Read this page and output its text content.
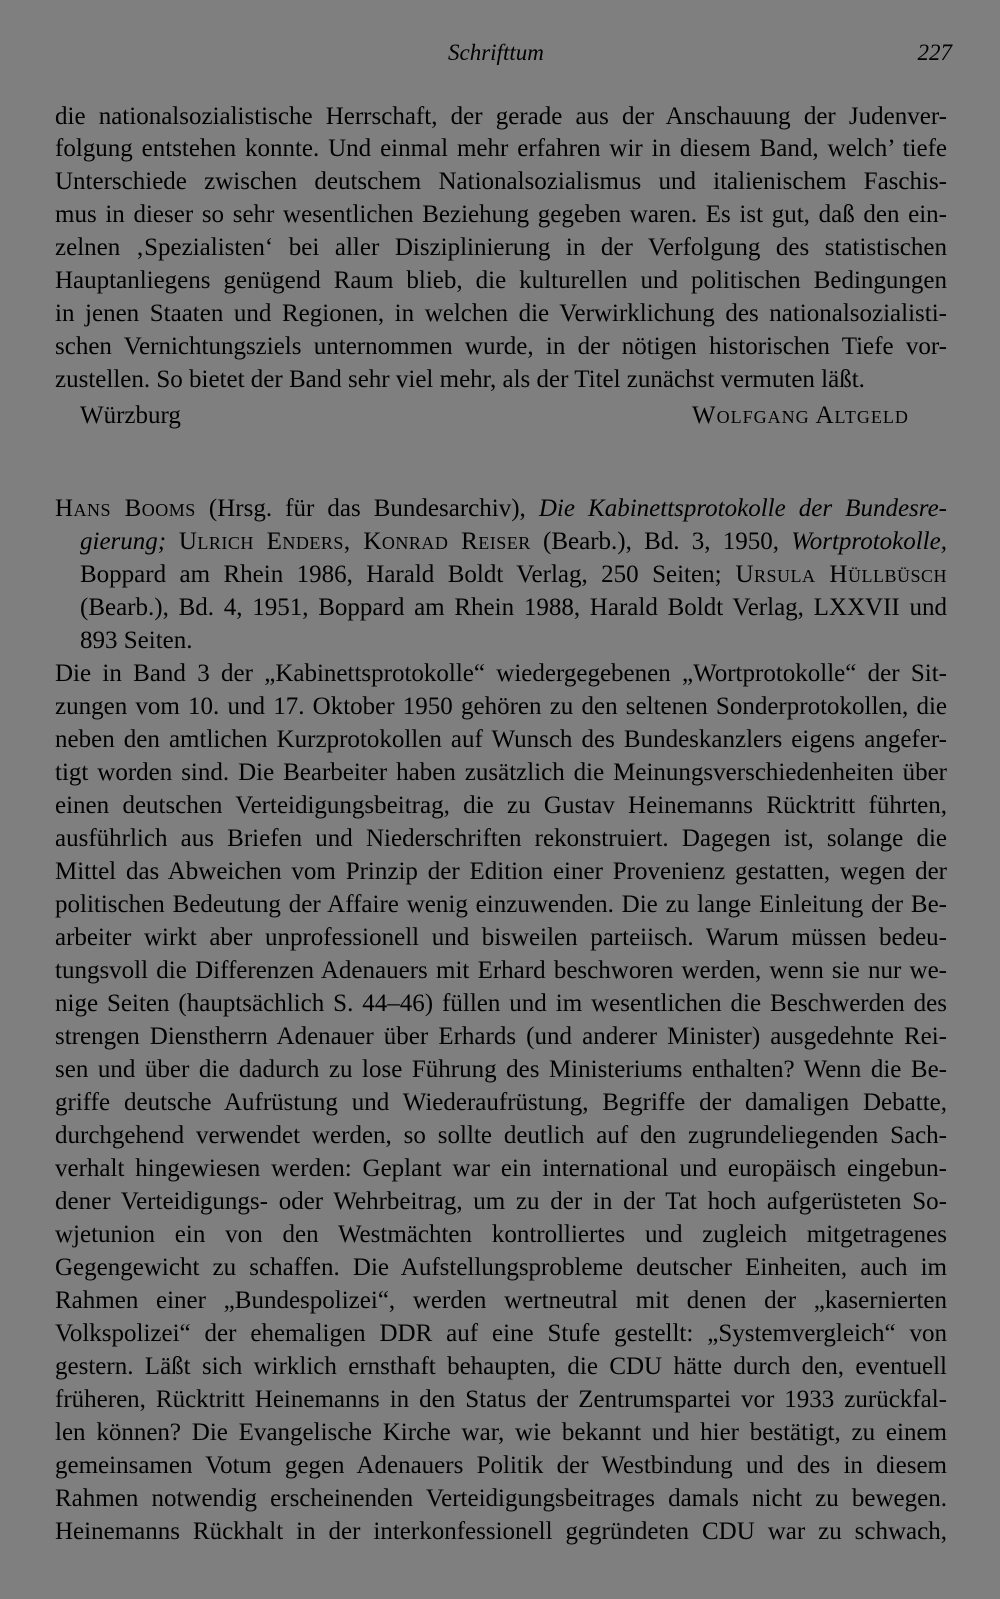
Schrifttum	227
die nationalsozialistische Herrschaft, der gerade aus der Anschauung der Judenver-
folgung entstehen konnte. Und einmal mehr erfahren wir in diesem Band, welch’ tiefe
Unterschiede zwischen deutschem Nationalsozialismus und italienischem Faschis-
mus in dieser so sehr wesentlichen Beziehung gegeben waren. Es ist gut, daß den ein-
zelnen ‚Spezialisten‘ bei aller Disziplinierung in der Verfolgung des statistischen
Hauptanliegens genügend Raum blieb, die kulturellen und politischen Bedingungen
in jenen Staaten und Regionen, in welchen die Verwirklichung des nationalsozialisti-
schen Vernichtungsziels unternommen wurde, in der nötigen historischen Tiefe vor-
zustellen. So bietet der Band sehr viel mehr, als der Titel zunächst vermuten läßt.
Würzburg	Wolfgang Altgeld
Hans Booms (Hrsg. für das Bundesarchiv), Die Kabinettsprotokolle der Bundesre-
gierung; Ulrich Enders, Konrad Reiser (Bearb.), Bd. 3, 1950, Wortprotokolle,
Boppard am Rhein 1986, Harald Boldt Verlag, 250 Seiten; Ursula Hüllbüsch
(Bearb.), Bd. 4, 1951, Boppard am Rhein 1988, Harald Boldt Verlag, LXXVII und
893 Seiten.
Die in Band 3 der „Kabinettsprotokolle“ wiedergegebenen „Wortprotokolle“ der Sit-
zungen vom 10. und 17. Oktober 1950 gehören zu den seltenen Sonderprotokollen, die
neben den amtlichen Kurzprotokollen auf Wunsch des Bundeskanzlers eigens angefer-
tigt worden sind. Die Bearbeiter haben zusätzlich die Meinungsverschiedenheiten über
einen deutschen Verteidigungsbeitrag, die zu Gustav Heinemanns Rücktritt führten,
ausführlich aus Briefen und Niederschriften rekonstruiert. Dagegen ist, solange die
Mittel das Abweichen vom Prinzip der Edition einer Provenienz gestatten, wegen der
politischen Bedeutung der Affaire wenig einzuwenden. Die zu lange Einleitung der Be-
arbeiter wirkt aber unprofessionell und bisweilen parteiisch. Warum müssen bedeu-
tungsvoll die Differenzen Adenauers mit Erhard beschworen werden, wenn sie nur we-
nige Seiten (hauptsächlich S. 44–46) füllen und im wesentlichen die Beschwerden des
strengen Dienstherrn Adenauer über Erhards (und anderer Minister) ausgedehnte Rei-
sen und über die dadurch zu lose Führung des Ministeriums enthalten? Wenn die Be-
griffe deutsche Aufrüstung und Wiederaufrüstung, Begriffe der damaligen Debatte,
durchgehend verwendet werden, so sollte deutlich auf den zugrundeliegenden Sach-
verhalt hingewiesen werden: Geplant war ein international und europäisch eingebun-
dener Verteidigungs- oder Wehrbeitrag, um zu der in der Tat hoch aufgerüsteten So-
wjetunion ein von den Westmächten kontrolliertes und zugleich mitgetragenes
Gegengewicht zu schaffen. Die Aufstellungsprobleme deutscher Einheiten, auch im
Rahmen einer „Bundespolizei“, werden wertneutral mit denen der „kasernierten
Volkspolizei“ der ehemaligen DDR auf eine Stufe gestellt: „Systemvergleich“ von
gestern. Läßt sich wirklich ernsthaft behaupten, die CDU hätte durch den, eventuell
früheren, Rücktritt Heinemanns in den Status der Zentrumspartei vor 1933 zurückfal-
len können? Die Evangelische Kirche war, wie bekannt und hier bestätigt, zu einem
gemeinsamen Votum gegen Adenauers Politik der Westbindung und des in diesem
Rahmen notwendig erscheinenden Verteidigungsbeitrages damals nicht zu bewegen.
Heinemanns Rückhalt in der interkonfessionell gegründeten CDU war zu schwach,
